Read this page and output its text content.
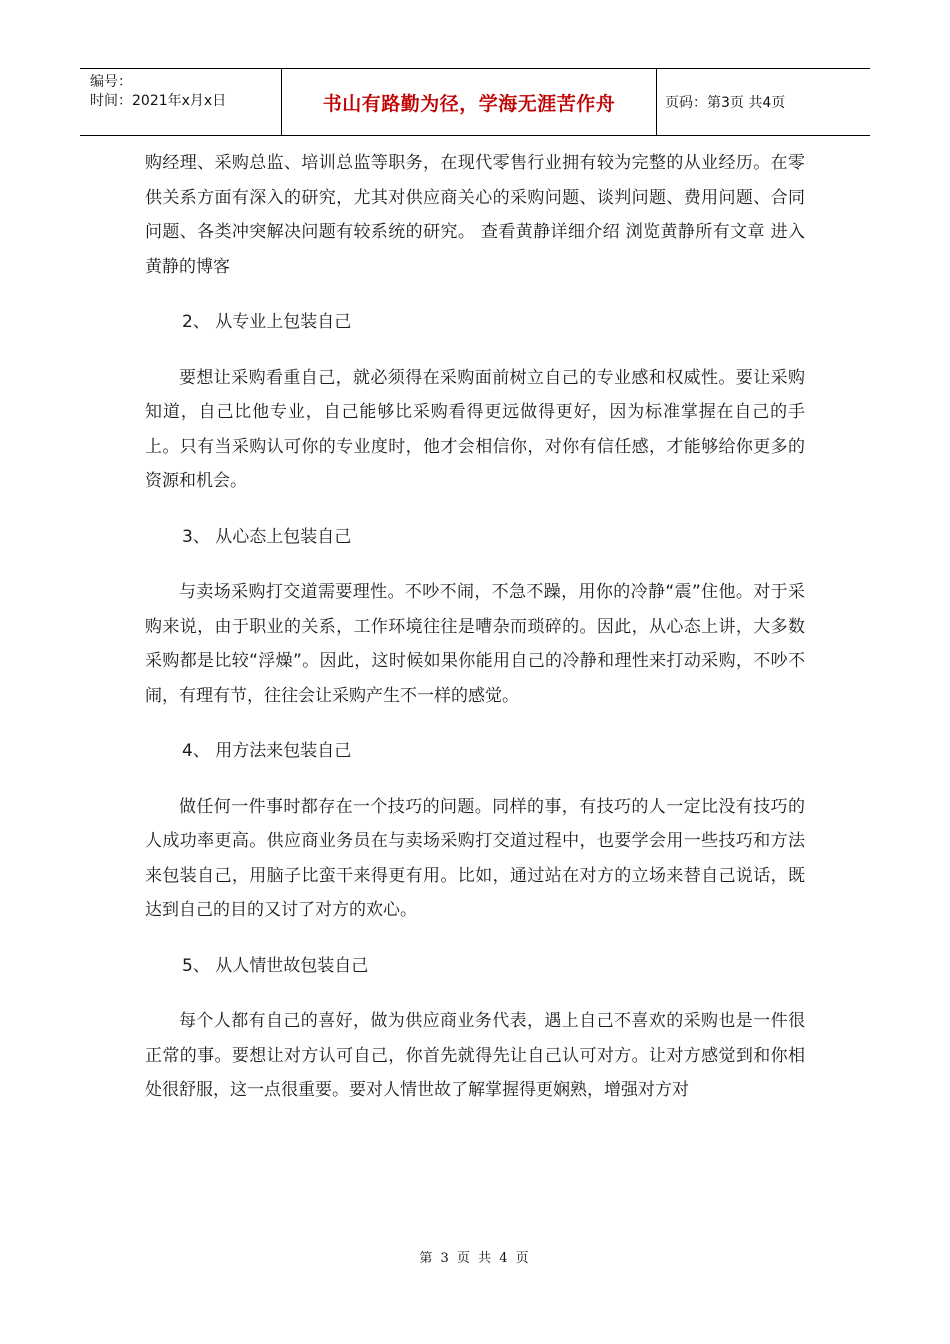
编号：
时间：2021年x月x日	书山有路勤为径，学海无涯苦作舟	页码：第3页 共4页

购经理、采购总监、培训总监等职务，在现代零售行业拥有较为完整的从业经历。在零供关系方面有深入的研究，尤其对供应商关心的采购问题、谈判问题、费用问题、合同问题、各类冲突解决问题有较系统的研究。 查看黄静详细介绍 浏览黄静所有文章 进入黄静的博客

2、 从专业上包装自己

要想让采购看重自己，就必须得在采购面前树立自己的专业感和权威性。要让采购知道，自己比他专业，自己能够比采购看得更远做得更好，因为标准掌握在自己的手上。只有当采购认可你的专业度时，他才会相信你，对你有信任感，才能够给你更多的资源和机会。

3、 从心态上包装自己

与卖场采购打交道需要理性。不吵不闹，不急不躁，用你的冷静“震”住他。对于采购来说，由于职业的关系，工作环境往往是嘈杂而琐碎的。因此，从心态上讲，大多数采购都是比较“浮燥”。因此，这时候如果你能用自己的冷静和理性来打动采购，不吵不闹，有理有节，往往会让采购产生不一样的感觉。

4、 用方法来包装自己

做任何一件事时都存在一个技巧的问题。同样的事，有技巧的人一定比没有技巧的人成功率更高。供应商业务员在与卖场采购打交道过程中，也要学会用一些技巧和方法来包装自己，用脑子比蛮干来得更有用。比如，通过站在对方的立场来替自己说话，既达到自己的目的又讨了对方的欢心。

5、 从人情世故包装自己

每个人都有自己的喜好，做为供应商业务代表，遇上自己不喜欢的采购也是一件很正常的事。要想让对方认可自己，你首先就得先让自己认可对方。让对方感觉到和你相处很舒服，这一点很重要。要对人情世故了解掌握得更娴熟，增强对方对

第 3 页 共 4 页
